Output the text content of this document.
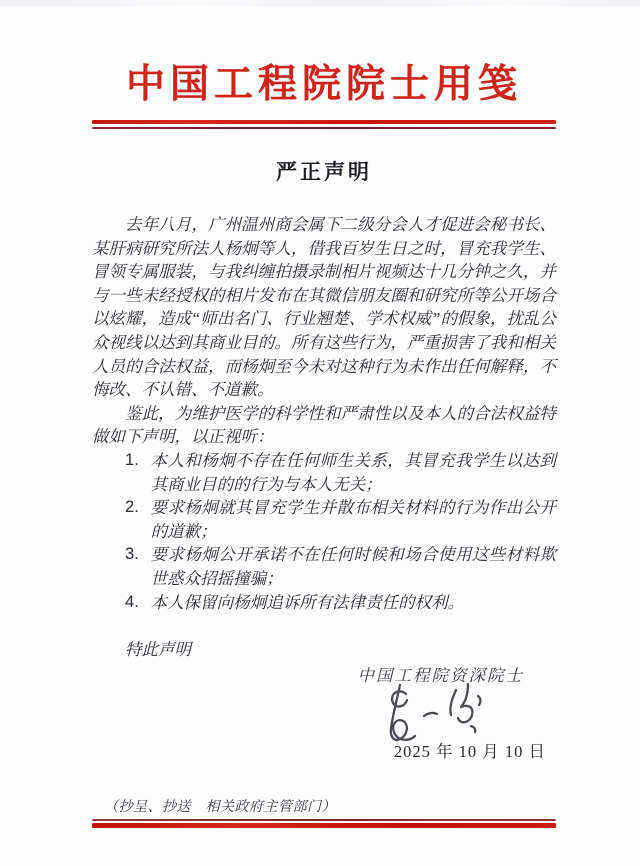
中国工程院院士用笺
严正声明

去年八月，广州温州商会属下二级分会人才促进会秘书长、某肝病研究所法人杨炯等人，借我百岁生日之时，冒充我学生、冒领专属服装，与我纠缠拍摄录制相片视频达十几分钟之久，并与一些未经授权的相片发布在其微信朋友圈和研究所等公开场合以炫耀，造成“师出名门、行业翘楚、学术权威”的假象，扰乱公众视线以达到其商业目的。所有这些行为，严重损害了我和相关人员的合法权益，而杨炯至今未对这种行为未作出任何解释，不悔改、不认错、不道歉。

鉴此，为维护医学的科学性和严肃性以及本人的合法权益特做如下声明，以正视听：

本人和杨炯不存在任何师生关系，其冒充我学生以达到其商业目的的行为与本人无关；
要求杨炯就其冒充学生并散布相关材料的行为作出公开的道歉；
要求杨炯公开承诺不在任何时候和场合使用这些材料欺世惑众招摇撞骗；
本人保留向杨炯追诉所有法律责任的权利。
特此声明
中国工程院资深院士
2025 年 10 月 10 日
（抄呈、抄送　相关政府主管部门）
